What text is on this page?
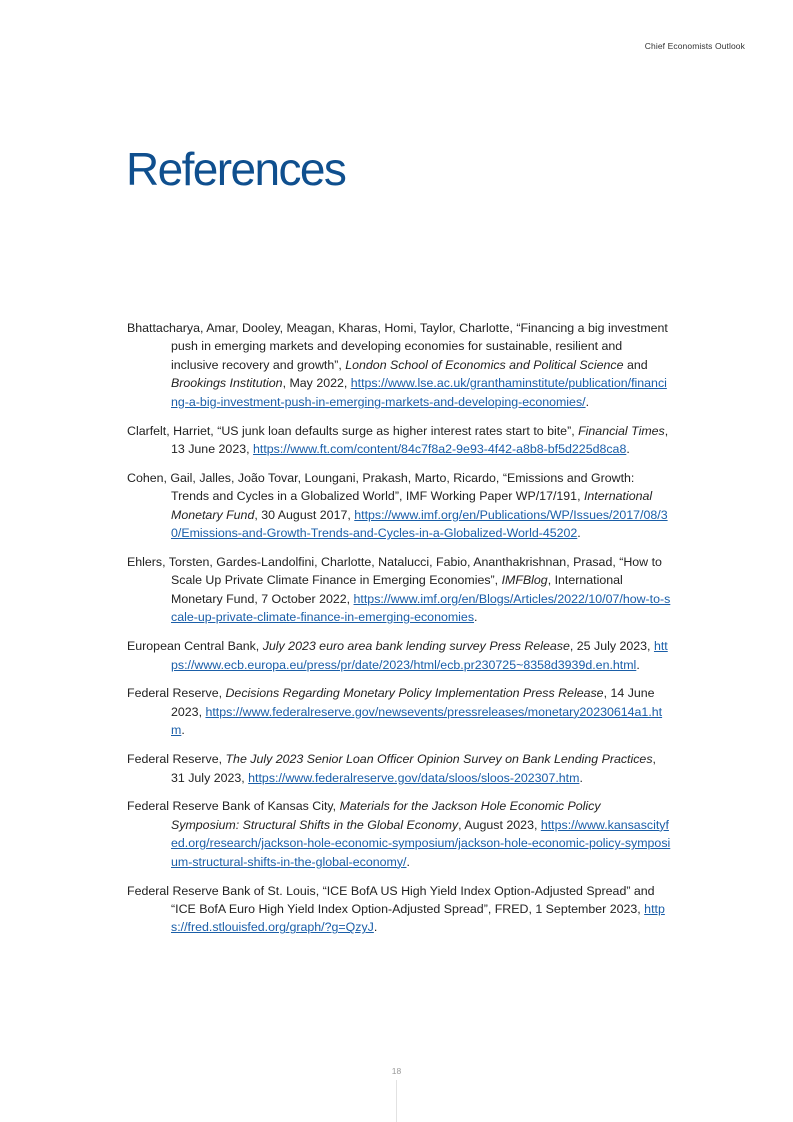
Chief Economists Outlook
References

Bhattacharya, Amar, Dooley, Meagan, Kharas, Homi, Taylor, Charlotte, “Financing a big investment push in emerging markets and developing economies for sustainable, resilient and inclusive recovery and growth”, London School of Economics and Political Science and Brookings Institution, May 2022, https://www.lse.ac.uk/granthaminstitute/publication/financing-a-big-investment-push-in-emerging-markets-and-developing-economies/.

Clarfelt, Harriet, “US junk loan defaults surge as higher interest rates start to bite”, Financial Times, 13 June 2023, https://www.ft.com/content/84c7f8a2-9e93-4f42-a8b8-bf5d225d8ca8.

Cohen, Gail, Jalles, João Tovar, Loungani, Prakash, Marto, Ricardo, “Emissions and Growth: Trends and Cycles in a Globalized World”, IMF Working Paper WP/17/191, International Monetary Fund, 30 August 2017, https://www.imf.org/en/Publications/WP/Issues/2017/08/30/Emissions-and-Growth-Trends-and-Cycles-in-a-Globalized-World-45202.

Ehlers, Torsten, Gardes-Landolfini, Charlotte, Natalucci, Fabio, Ananthakrishnan, Prasad, “How to Scale Up Private Climate Finance in Emerging Economies”, IMFBlog, International Monetary Fund, 7 October 2022, https://www.imf.org/en/Blogs/Articles/2022/10/07/how-to-scale-up-private-climate-finance-in-emerging-economies.

European Central Bank, July 2023 euro area bank lending survey Press Release, 25 July 2023, https://www.ecb.europa.eu/press/pr/date/2023/html/ecb.pr230725~8358d3939d.en.html.

Federal Reserve, Decisions Regarding Monetary Policy Implementation Press Release, 14 June 2023, https://www.federalreserve.gov/newsevents/pressreleases/monetary20230614a1.htm.

Federal Reserve, The July 2023 Senior Loan Officer Opinion Survey on Bank Lending Practices, 31 July 2023, https://www.federalreserve.gov/data/sloos/sloos-202307.htm.

Federal Reserve Bank of Kansas City, Materials for the Jackson Hole Economic Policy Symposium: Structural Shifts in the Global Economy, August 2023, https://www.kansascityfed.org/research/jackson-hole-economic-symposium/jackson-hole-economic-policy-symposium-structural-shifts-in-the-global-economy/.

Federal Reserve Bank of St. Louis, “ICE BofA US High Yield Index Option-Adjusted Spread” and “ICE BofA Euro High Yield Index Option-Adjusted Spread”, FRED, 1 September 2023, https://fred.stlouisfed.org/graph/?g=QzyJ.

18
